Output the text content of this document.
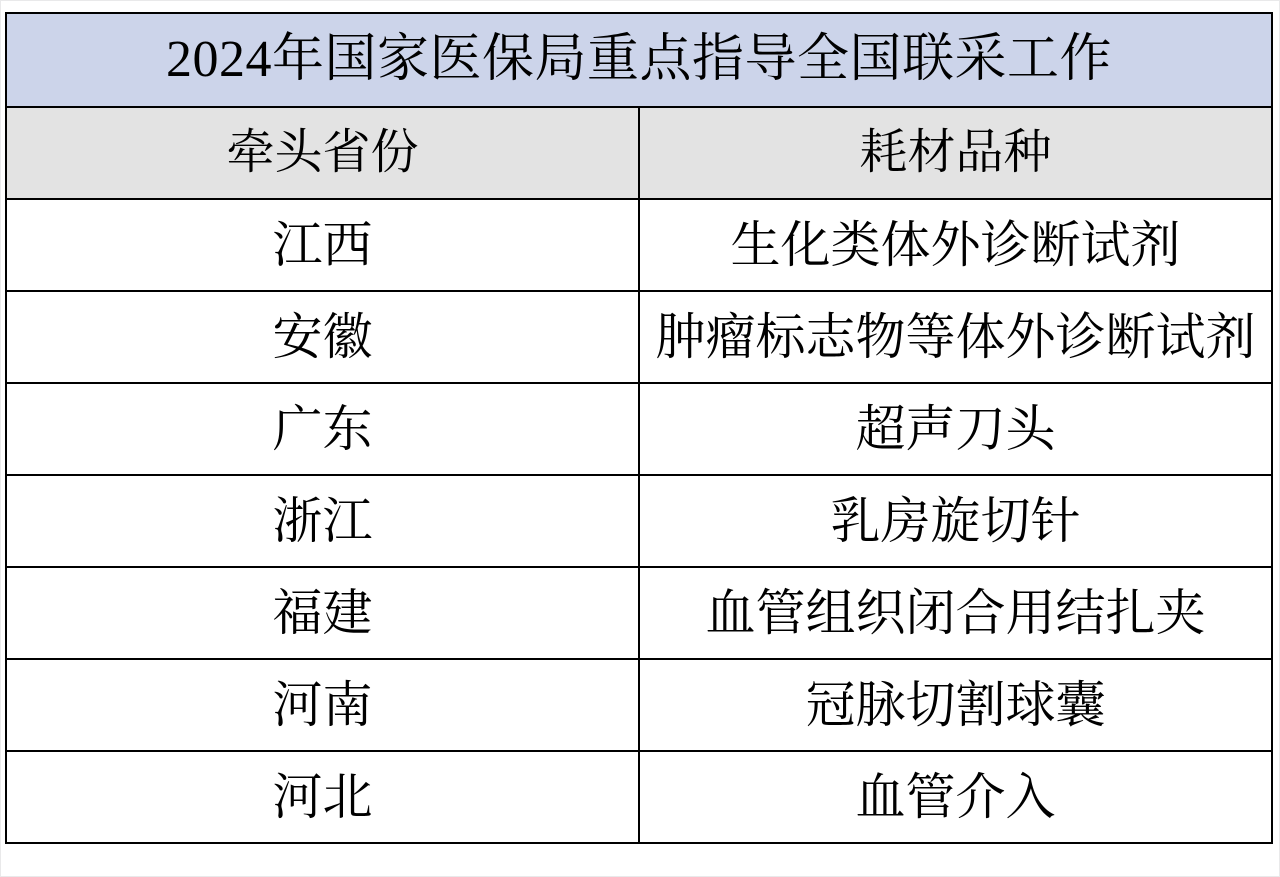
2024年国家医保局重点指导全国联采工作	
牵头省份	耗材品种
江西	生化类体外诊断试剂
安徽	肿瘤标志物等体外诊断试剂
广东	超声刀头
浙江	乳房旋切针
福建	血管组织闭合用结扎夹
河南	冠脉切割球囊
河北	血管介入
